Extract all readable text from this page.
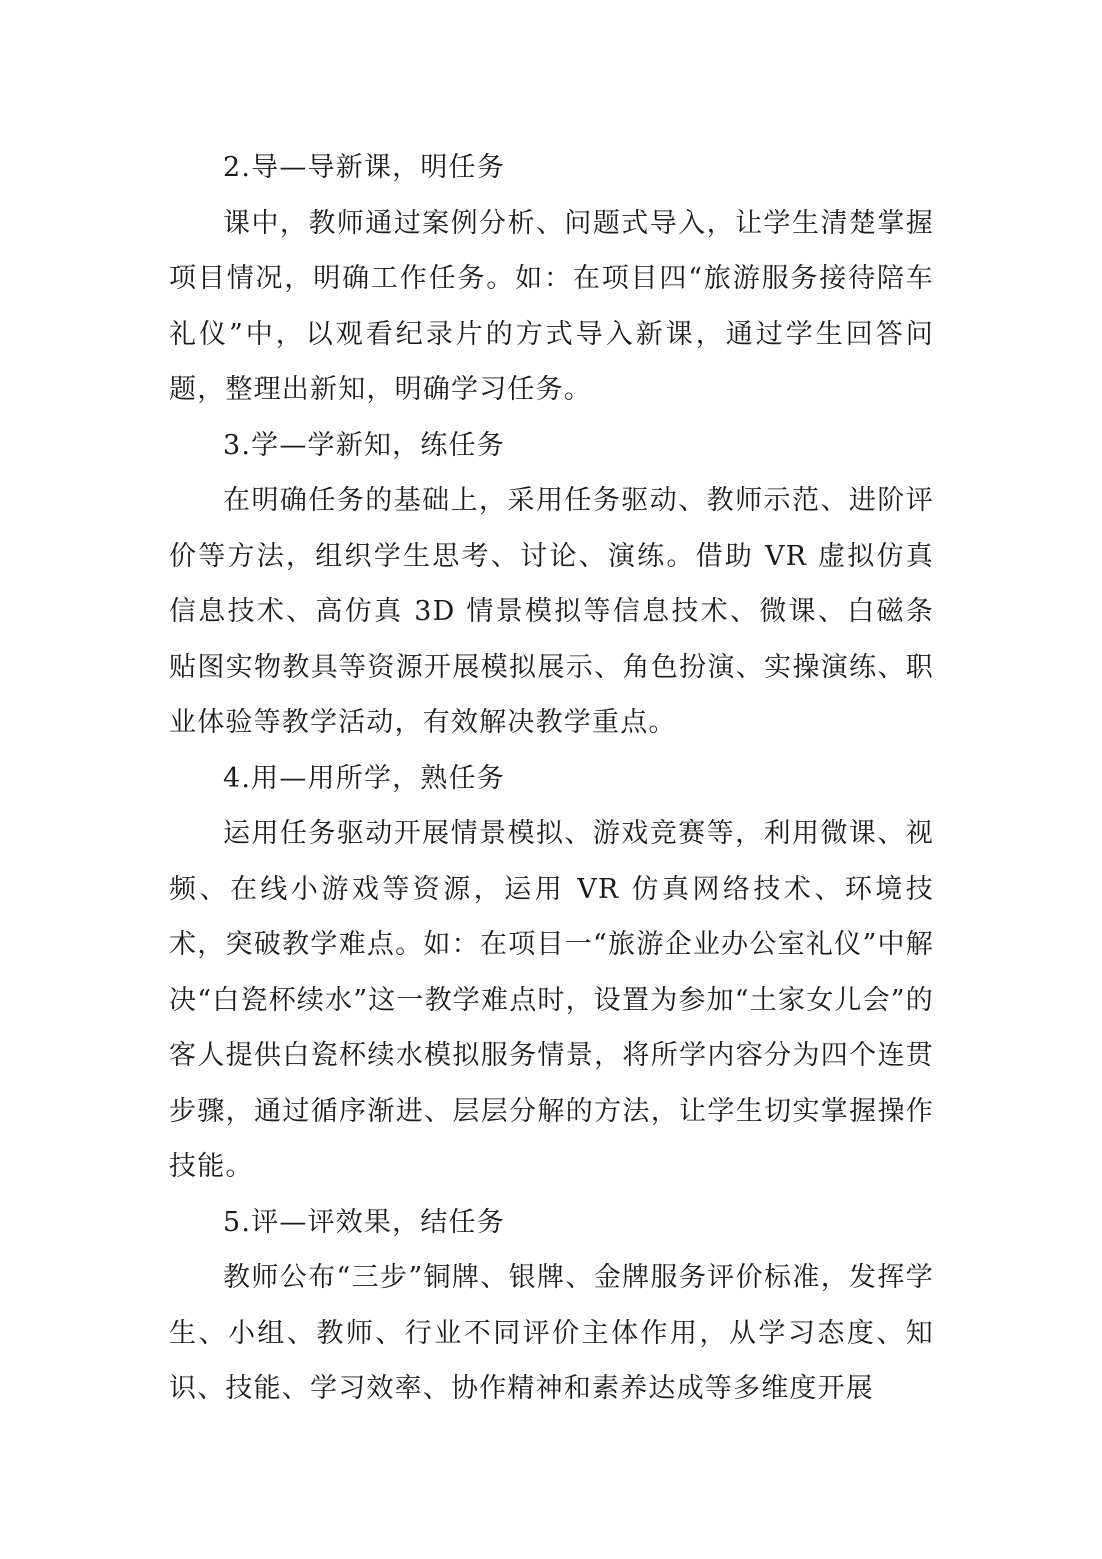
2.导—导新课，明任务

课中，教师通过案例分析、问题式导入，让学生清楚掌握项目情况，明确工作任务。如：在项目四“旅游服务接待陪车礼仪”中，以观看纪录片的方式导入新课，通过学生回答问题，整理出新知，明确学习任务。

3.学—学新知，练任务

在明确任务的基础上，采用任务驱动、教师示范、进阶评价等方法，组织学生思考、讨论、演练。借助 VR 虚拟仿真信息技术、高仿真 3D 情景模拟等信息技术、微课、白磁条贴图实物教具等资源开展模拟展示、角色扮演、实操演练、职业体验等教学活动，有效解决教学重点。

4.用—用所学，熟任务

运用任务驱动开展情景模拟、游戏竞赛等，利用微课、视频、在线小游戏等资源，运用 VR 仿真网络技术、环境技术，突破教学难点。如：在项目一“旅游企业办公室礼仪”中解决“白瓷杯续水”这一教学难点时，设置为参加“土家女儿会”的客人提供白瓷杯续水模拟服务情景，将所学内容分为四个连贯步骤，通过循序渐进、层层分解的方法，让学生切实掌握操作技能。

5.评—评效果，结任务

教师公布“三步”铜牌、银牌、金牌服务评价标准，发挥学生、小组、教师、行业不同评价主体作用，从学习态度、知识、技能、学习效率、协作精神和素养达成等多维度开展
